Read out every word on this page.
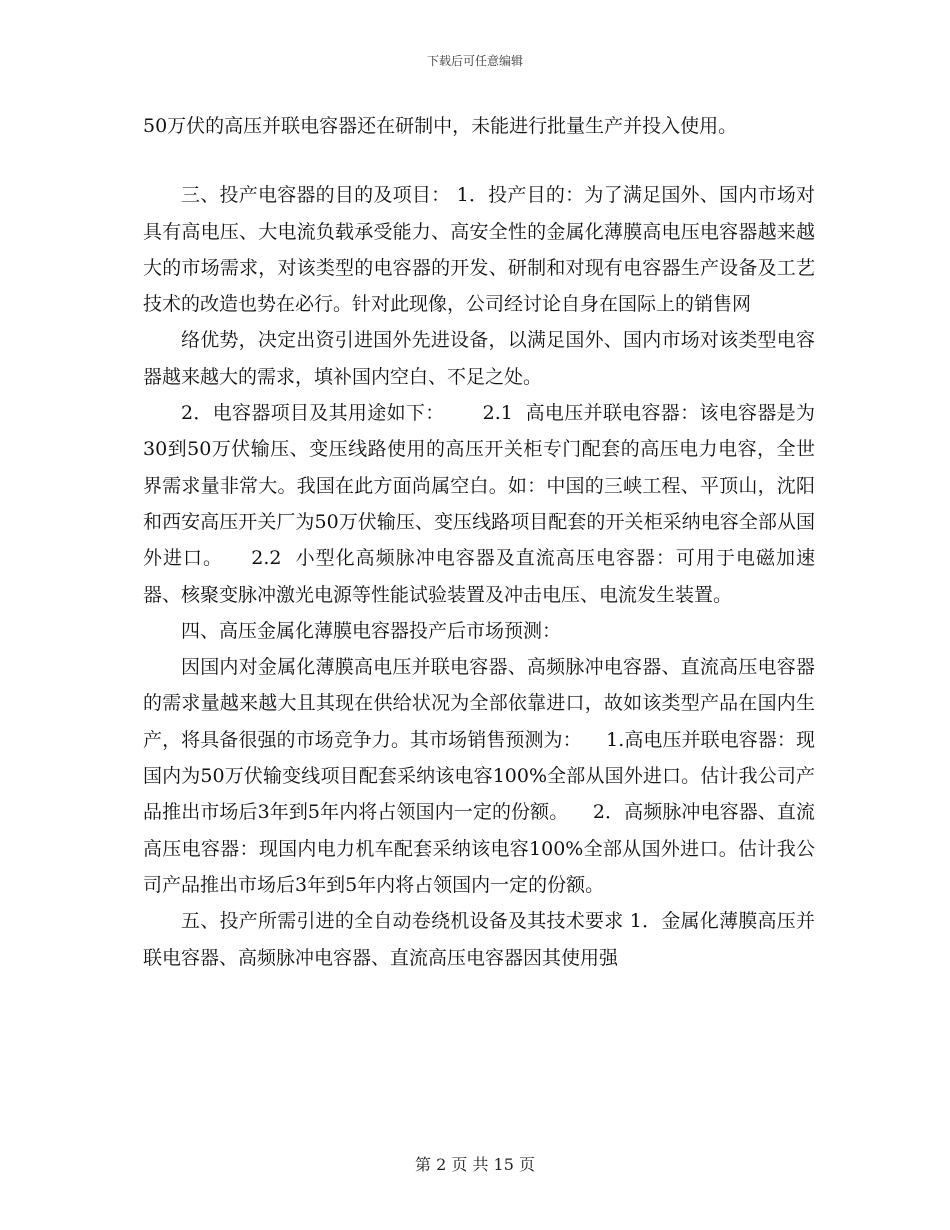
下载后可任意编辑

50万伏的高压并联电容器还在研制中，未能进行批量生产并投入使用。

三、投产电容器的目的及项目： 1．投产目的：为了满足国外、国内市场对具有高电压、大电流负载承受能力、高安全性的金属化薄膜高电压电容器越来越大的市场需求，对该类型的电容器的开发、研制和对现有电容器生产设备及工艺技术的改造也势在必行。针对此现像，公司经讨论自身在国际上的销售网

络优势，决定出资引进国外先进设备，以满足国外、国内市场对该类型电容器越来越大的需求，填补国内空白、不足之处。

2．电容器项目及其用途如下：      2.1  高电压并联电容器：该电容器是为30到50万伏输压、变压线路使用的高压开关柜专门配套的高压电力电容，全世界需求量非常大。我国在此方面尚属空白。如：中国的三峡工程、平顶山，沈阳和西安高压开关厂为50万伏输压、变压线路项目配套的开关柜采纳电容全部从国外进口。    2.2  小型化高频脉冲电容器及直流高压电容器：可用于电磁加速器、核聚变脉冲激光电源等性能试验装置及冲击电压、电流发生装置。

四、高压金属化薄膜电容器投产后市场预测：

因国内对金属化薄膜高电压并联电容器、高频脉冲电容器、直流高压电容器的需求量越来越大且其现在供给状况为全部依靠进口，故如该类型产品在国内生产，将具备很强的市场竞争力。其市场销售预测为：    1.高电压并联电容器：现国内为50万伏输变线项目配套采纳该电容100%全部从国外进口。估计我公司产品推出市场后3年到5年内将占领国内一定的份额。    2．高频脉冲电容器、直流高压电容器：现国内电力机车配套采纳该电容100%全部从国外进口。估计我公司产品推出市场后3年到5年内将占领国内一定的份额。

五、投产所需引进的全自动卷绕机设备及其技术要求 1．金属化薄膜高压并联电容器、高频脉冲电容器、直流高压电容器因其使用强

第 2 页 共 15 页
